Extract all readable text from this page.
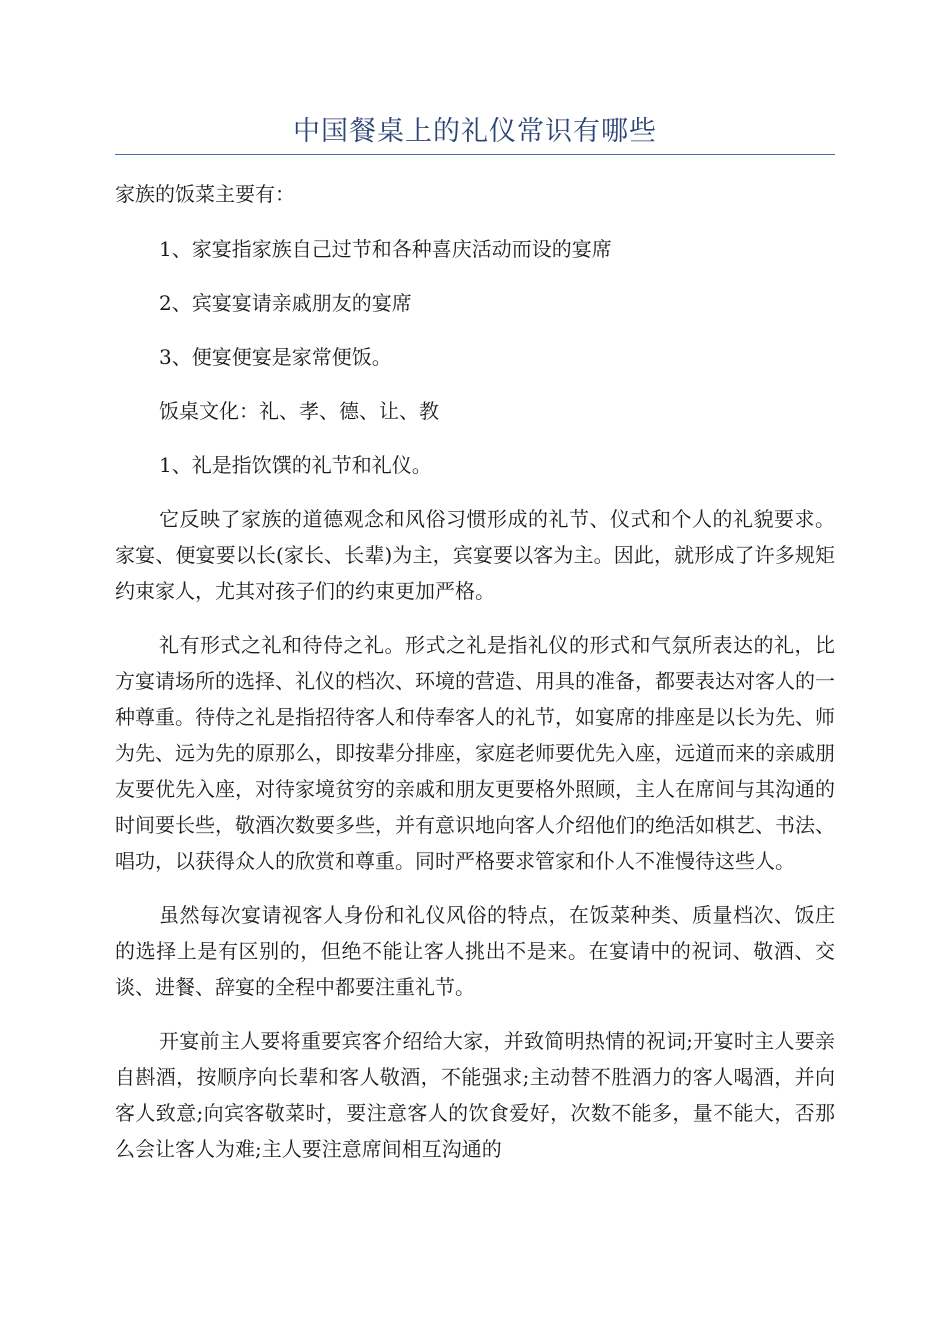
中国餐桌上的礼仪常识有哪些

家族的饭菜主要有：

1、家宴指家族自己过节和各种喜庆活动而设的宴席

2、宾宴宴请亲戚朋友的宴席

3、便宴便宴是家常便饭。

饭桌文化：礼、孝、德、让、教

1、礼是指饮馔的礼节和礼仪。

它反映了家族的道德观念和风俗习惯形成的礼节、仪式和个人的礼貌要求。家宴、便宴要以长(家长、长辈)为主，宾宴要以客为主。因此，就形成了许多规矩约束家人，尤其对孩子们的约束更加严格。

礼有形式之礼和待侍之礼。形式之礼是指礼仪的形式和气氛所表达的礼，比方宴请场所的选择、礼仪的档次、环境的营造、用具的准备，都要表达对客人的一种尊重。待侍之礼是指招待客人和侍奉客人的礼节，如宴席的排座是以长为先、师为先、远为先的原那么，即按辈分排座，家庭老师要优先入座，远道而来的亲戚朋友要优先入座，对待家境贫穷的亲戚和朋友更要格外照顾，主人在席间与其沟通的时间要长些，敬酒次数要多些，并有意识地向客人介绍他们的绝活如棋艺、书法、唱功，以获得众人的欣赏和尊重。同时严格要求管家和仆人不准慢待这些人。

虽然每次宴请视客人身份和礼仪风俗的特点，在饭菜种类、质量档次、饭庄的选择上是有区别的，但绝不能让客人挑出不是来。在宴请中的祝词、敬酒、交谈、进餐、辞宴的全程中都要注重礼节。

开宴前主人要将重要宾客介绍给大家，并致简明热情的祝词;开宴时主人要亲自斟酒，按顺序向长辈和客人敬酒，不能强求;主动替不胜酒力的客人喝酒，并向客人致意;向宾客敬菜时，要注意客人的饮食爱好，次数不能多，量不能大，否那么会让客人为难;主人要注意席间相互沟通的
